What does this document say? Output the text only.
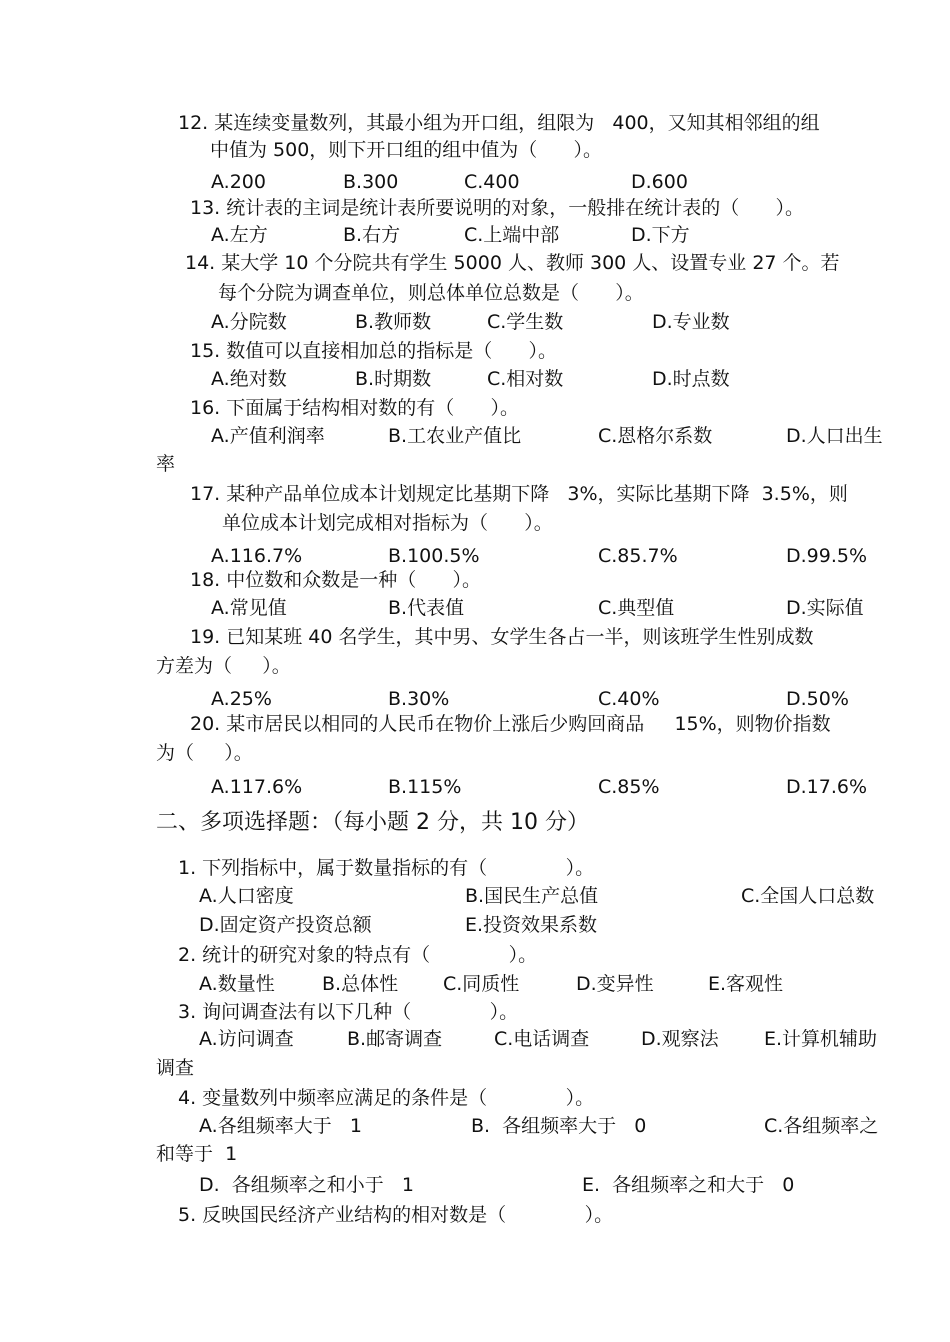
12. 某连续变量数列，其最小组为开口组，组限为   400，又知其相邻组的组
中值为 500，则下开口组的组中值为（      ）。
A.200	B.300	C.400	D.600
13. 统计表的主词是统计表所要说明的对象，一般排在统计表的（      ）。
A.左方	B.右方	C.上端中部	D.下方
14. 某大学 10 个分院共有学生 5000 人、教师 300 人、设置专业 27 个。若
每个分院为调查单位，则总体单位总数是（      ）。
A.分院数	B.教师数	C.学生数	D.专业数
15. 数值可以直接相加总的指标是（      ）。
A.绝对数	B.时期数	C.相对数	D.时点数
16. 下面属于结构相对数的有（      ）。
A.产值利润率	B.工农业产值比	C.恩格尔系数	D.人口出生
率
17. 某种产品单位成本计划规定比基期下降   3%，实际比基期下降  3.5%，则
单位成本计划完成相对指标为（      ）。
A.116.7%	B.100.5%	C.85.7%	D.99.5%
18. 中位数和众数是一种（      ）。
A.常见值	B.代表值	C.典型值	D.实际值
19. 已知某班 40 名学生，其中男、女学生各占一半，则该班学生性别成数
方差为（     ）。
A.25%	B.30%	C.40%	D.50%
20. 某市居民以相同的人民币在物价上涨后少购回商品     15%，则物价指数
为（     ）。
A.117.6%	B.115%	C.85%	D.17.6%
二、多项选择题：（每小题 2 分，共 10 分）
1. 下列指标中，属于数量指标的有（             ）。
A.人口密度	B.国民生产总值	C.全国人口总数
D.固定资产投资总额	E.投资效果系数
2. 统计的研究对象的特点有（             ）。
A.数量性 B.总体性 C.同质性	D.变异性	E.客观性
3. 询问调查法有以下几种（             ）。
A.访问调查	B.邮寄调查	C.电话调查	D.观察法 E.计算机辅助
调查
4. 变量数列中频率应满足的条件是（             ）。
A.各组频率大于   1	B.  各组频率大于   0	C.各组频率之
和等于  1
D.  各组频率之和小于   1	E.  各组频率之和大于   0
5. 反映国民经济产业结构的相对数是（             ）。
